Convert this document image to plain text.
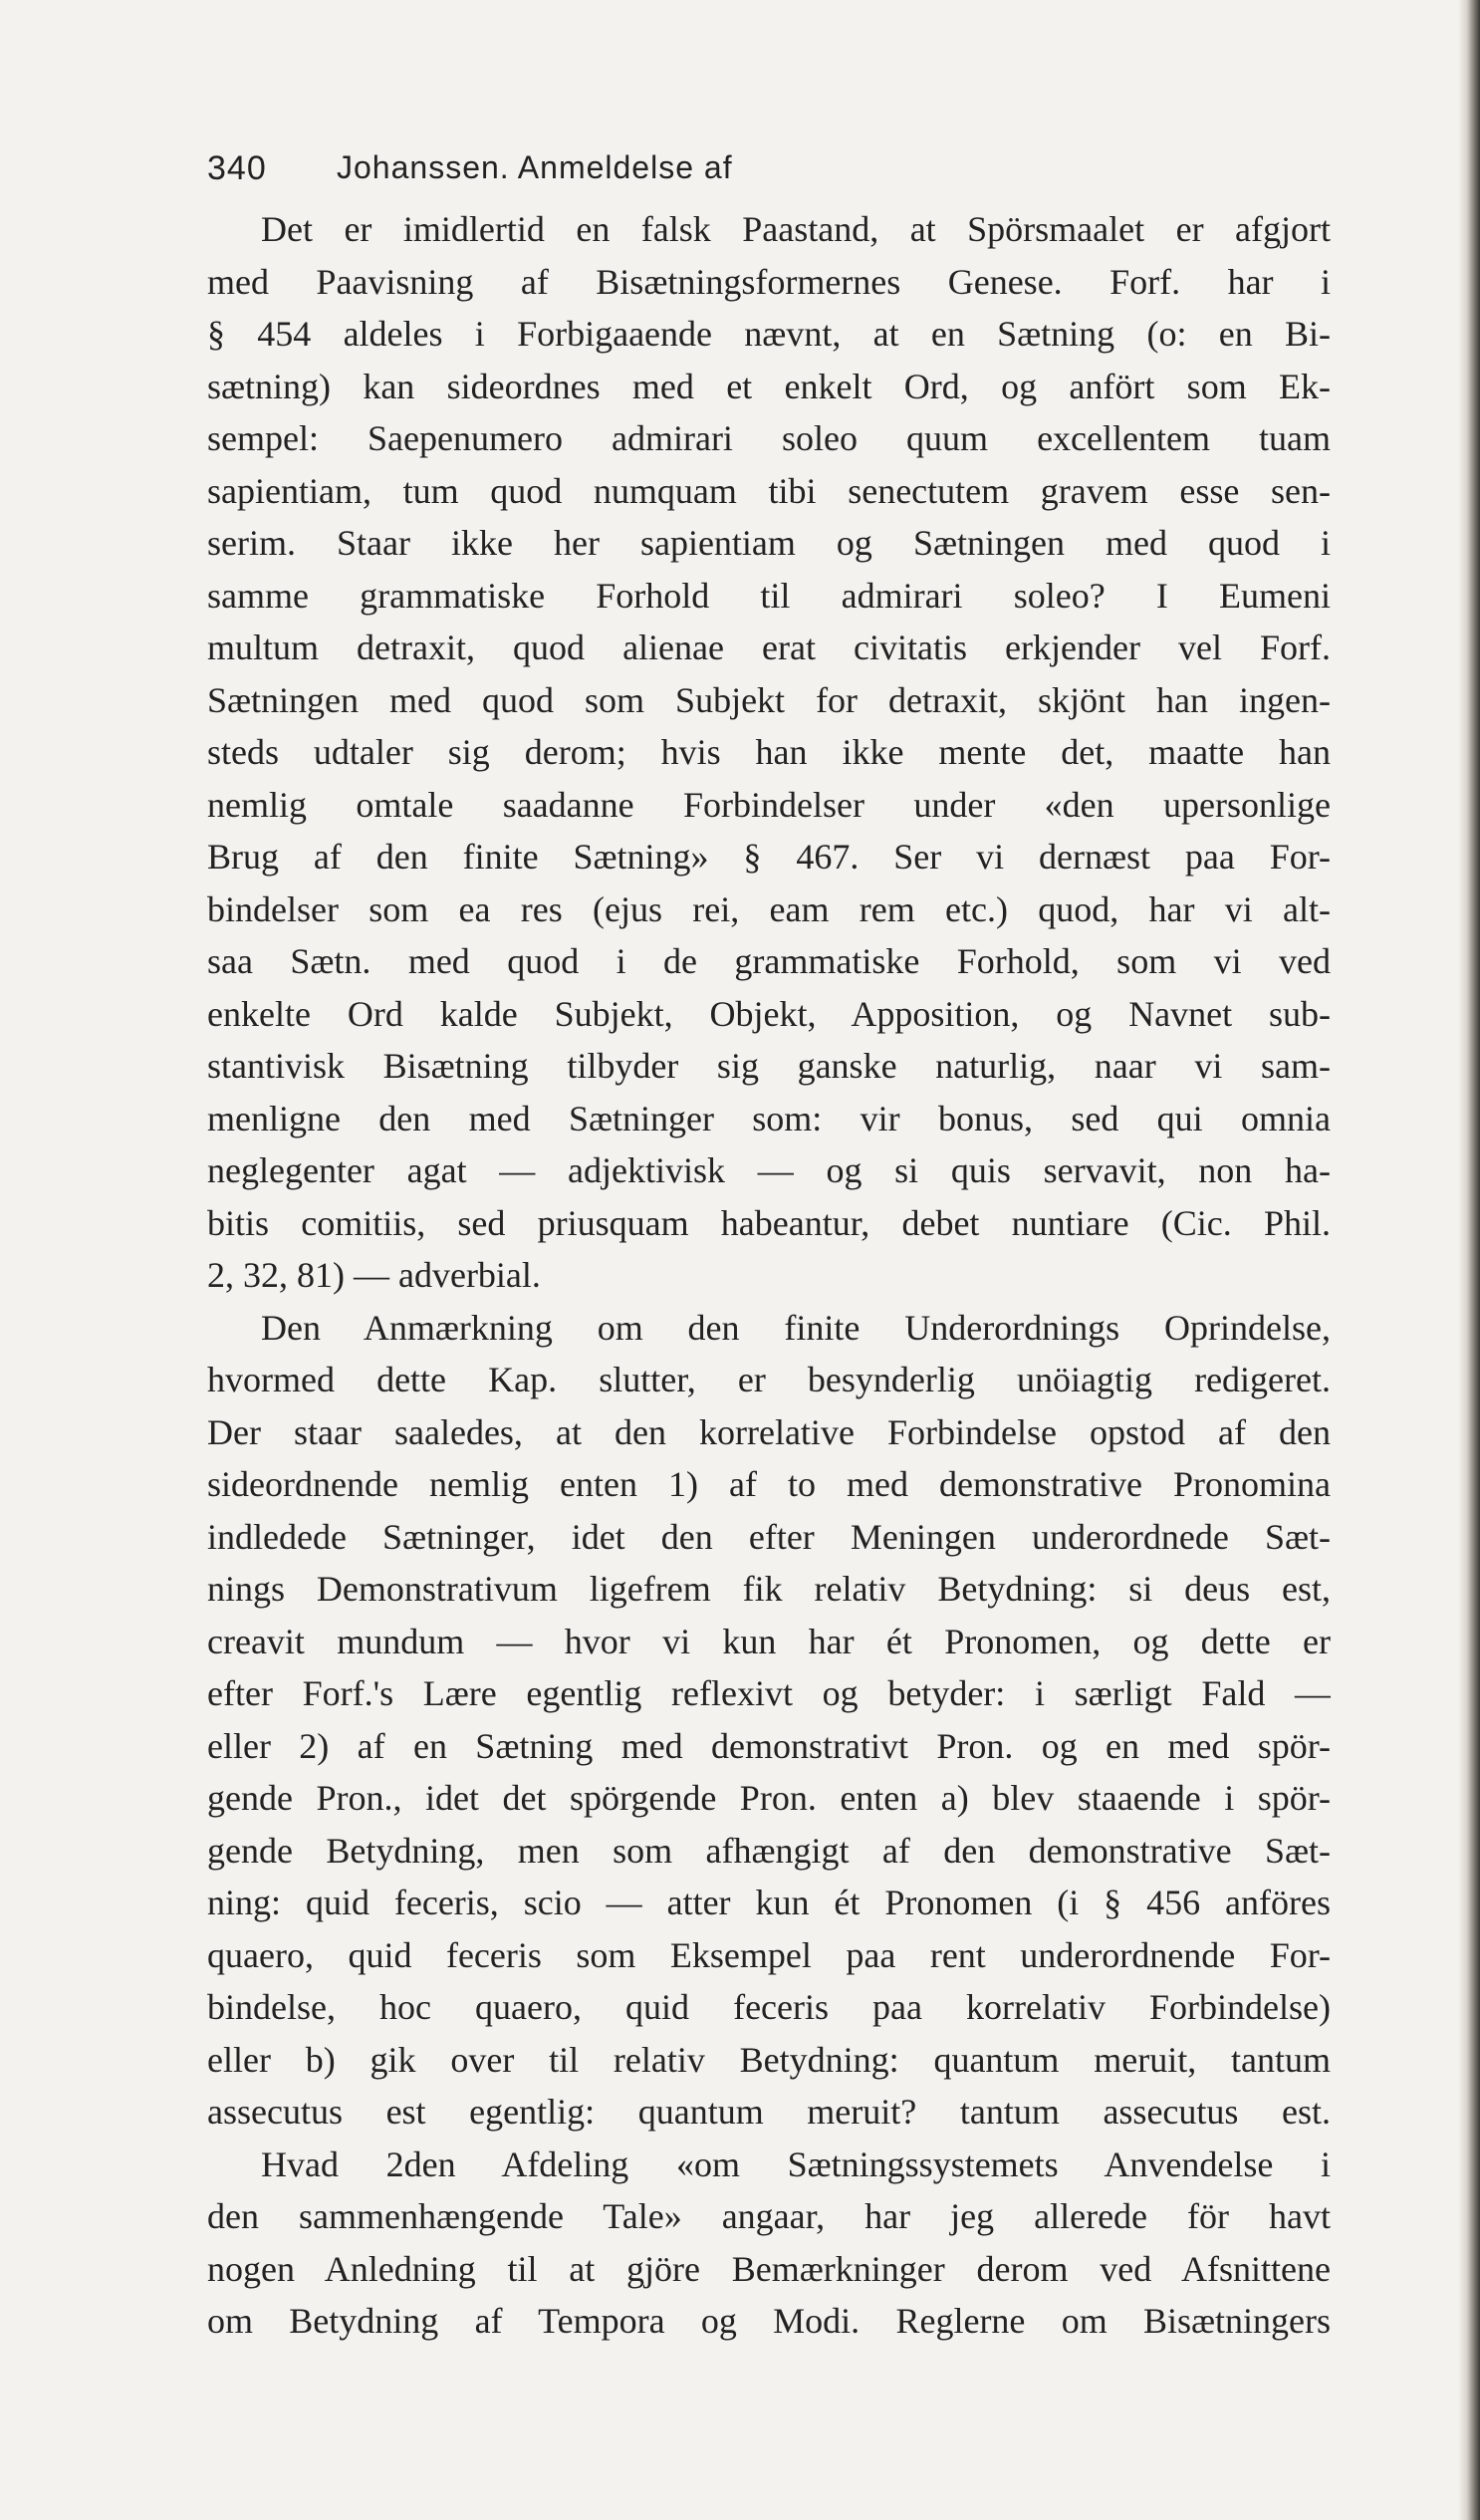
340 Johanssen. Anmeldelse af
Det er imidlertid en falsk Paastand, at Spörsmaalet er afgjort
med Paavisning af Bisætningsformernes Genese. Forf. har i
§ 454 aldeles i Forbigaaende nævnt, at en Sætning (o: en Bi-
sætning) kan sideordnes med et enkelt Ord, og anfört som Ek-
sempel: Saepenumero admirari soleo quum excellentem tuam
sapientiam, tum quod numquam tibi senectutem gravem esse sen-
serim. Staar ikke her sapientiam og Sætningen med quod i
samme grammatiske Forhold til admirari soleo? I Eumeni
multum detraxit, quod alienae erat civitatis erkjender vel Forf.
Sætningen med quod som Subjekt for detraxit, skjönt han ingen-
steds udtaler sig derom; hvis han ikke mente det, maatte han
nemlig omtale saadanne Forbindelser under «den upersonlige
Brug af den finite Sætning» § 467. Ser vi dernæst paa For-
bindelser som ea res (ejus rei, eam rem etc.) quod, har vi alt-
saa Sætn. med quod i de grammatiske Forhold, som vi ved
enkelte Ord kalde Subjekt, Objekt, Apposition, og Navnet sub-
stantivisk Bisætning tilbyder sig ganske naturlig, naar vi sam-
menligne den med Sætninger som: vir bonus, sed qui omnia
neglegenter agat — adjektivisk — og si quis servavit, non ha-
bitis comitiis, sed priusquam habeantur, debet nuntiare (Cic. Phil.
2, 32, 81) — adverbial.
Den Anmærkning om den finite Underordnings Oprindelse,
hvormed dette Kap. slutter, er besynderlig unöiagtig redigeret.
Der staar saaledes, at den korrelative Forbindelse opstod af den
sideordnende nemlig enten 1) af to med demonstrative Pronomina
indledede Sætninger, idet den efter Meningen underordnede Sæt-
nings Demonstrativum ligefrem fik relativ Betydning: si deus est,
creavit mundum — hvor vi kun har ét Pronomen, og dette er
efter Forf.'s Lære egentlig reflexivt og betyder: i særligt Fald —
eller 2) af en Sætning med demonstrativt Pron. og en med spör-
gende Pron., idet det spörgende Pron. enten a) blev staaende i spör-
gende Betydning, men som afhængigt af den demonstrative Sæt-
ning: quid feceris, scio — atter kun ét Pronomen (i § 456 anföres
quaero, quid feceris som Eksempel paa rent underordnende For-
bindelse, hoc quaero, quid feceris paa korrelativ Forbindelse)
eller b) gik over til relativ Betydning: quantum meruit, tantum
assecutus est egentlig: quantum meruit? tantum assecutus est.
Hvad 2den Afdeling «om Sætningssystemets Anvendelse i
den sammenhængende Tale» angaar, har jeg allerede för havt
nogen Anledning til at gjöre Bemærkninger derom ved Afsnittene
om Betydning af Tempora og Modi. Reglerne om Bisætningers
